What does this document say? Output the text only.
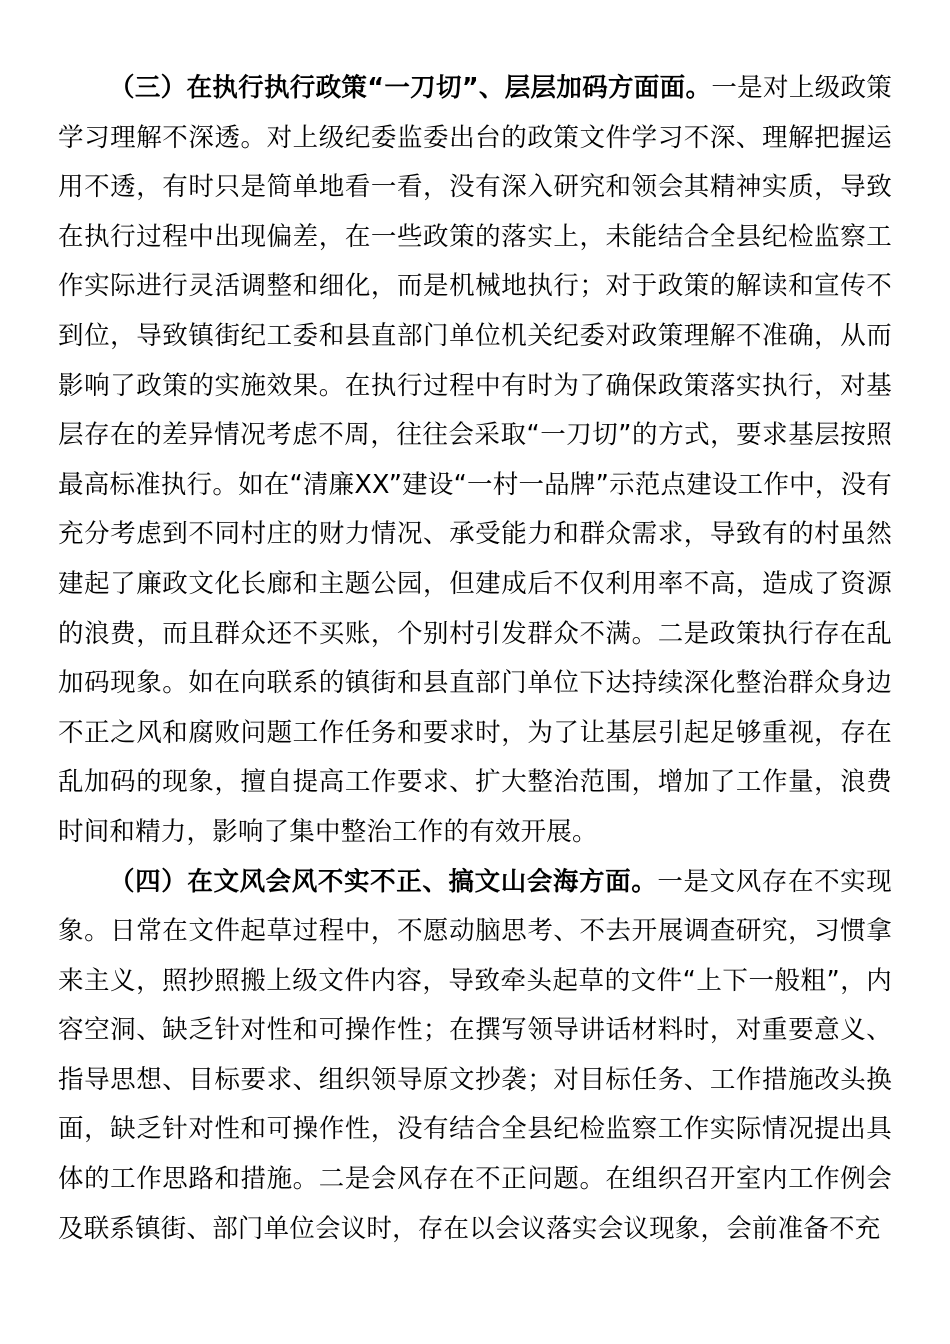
（三）在执行执行政策“一刀切”、层层加码方面面。一是对上级政策学习理解不深透。对上级纪委监委出台的政策文件学习不深、理解把握运用不透，有时只是简单地看一看，没有深入研究和领会其精神实质，导致在执行过程中出现偏差，在一些政策的落实上，未能结合全县纪检监察工作实际进行灵活调整和细化，而是机械地执行；对于政策的解读和宣传不到位，导致镇街纪工委和县直部门单位机关纪委对政策理解不准确，从而影响了政策的实施效果。在执行过程中有时为了确保政策落实执行，对基层存在的差异情况考虑不周，往往会采取“一刀切”的方式，要求基层按照最高标准执行。如在“清廉XX”建设“一村一品牌”示范点建设工作中，没有充分考虑到不同村庄的财力情况、承受能力和群众需求，导致有的村虽然建起了廉政文化长廊和主题公园，但建成后不仅利用率不高，造成了资源的浪费，而且群众还不买账，个别村引发群众不满。二是政策执行存在乱加码现象。如在向联系的镇街和县直部门单位下达持续深化整治群众身边不正之风和腐败问题工作任务和要求时，为了让基层引起足够重视，存在乱加码的现象，擅自提高工作要求、扩大整治范围，增加了工作量，浪费时间和精力，影响了集中整治工作的有效开展。

（四）在文风会风不实不正、搞文山会海方面。一是文风存在不实现象。日常在文件起草过程中，不愿动脑思考、不去开展调查研究，习惯拿来主义，照抄照搬上级文件内容，导致牵头起草的文件“上下一般粗”，内容空洞、缺乏针对性和可操作性；在撰写领导讲话材料时，对重要意义、指导思想、目标要求、组织领导原文抄袭；对目标任务、工作措施改头换面，缺乏针对性和可操作性，没有结合全县纪检监察工作实际情况提出具体的工作思路和措施。二是会风存在不正问题。在组织召开室内工作例会及联系镇街、部门单位会议时，存在以会议落实会议现象，会前准备不充
